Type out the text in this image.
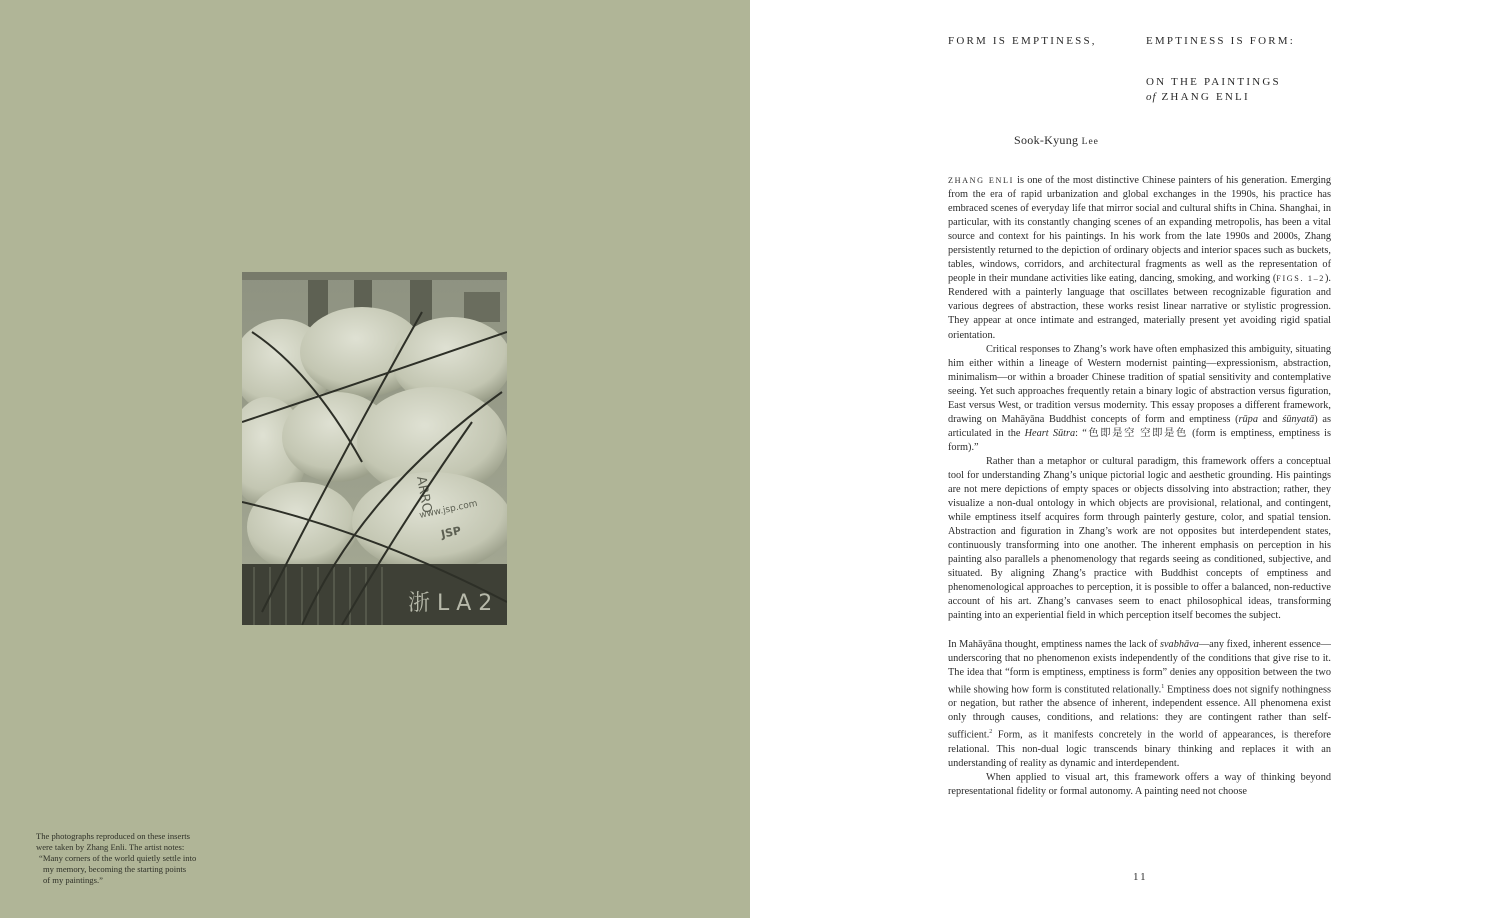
ARRO
www.jsp.com
JSP
浙 L A 2
The photographs reproduced on these inserts
were taken by Zhang Enli. The artist notes:
“Many corners of the world quietly settle into
my memory, becoming the starting points
of my paintings.”
FORM IS EMPTINESS,	EMPTINESS IS FORM:
ON THE PAINTINGS
of ZHANG ENLI
Sook-Kyung Lee

ZHANG ENLI is one of the most distinctive Chinese painters of his generation. Emerging from the era of rapid urbanization and global exchanges in the 1990s, his practice has embraced scenes of everyday life that mirror social and cultural shifts in China. Shanghai, in particular, with its constantly changing scenes of an expanding metropolis, has been a vital source and context for his paintings. In his work from the late 1990s and 2000s, Zhang persistently returned to the depiction of ordinary objects and interior spaces such as buckets, tables, windows, corridors, and architectural fragments as well as the representation of people in their mundane activities like eating, dancing, smoking, and working (FIGS. 1–2). Rendered with a painterly language that oscillates between recognizable figuration and various degrees of abstraction, these works resist linear narrative or stylistic progression. They appear at once intimate and estranged, materially present yet avoiding rigid spatial orientation.

Critical responses to Zhang’s work have often emphasized this ambiguity, situating him either within a lineage of Western modernist painting—expressionism, abstraction, minimalism—or within a broader Chinese tradition of spatial sensitivity and contemplative seeing. Yet such approaches frequently retain a binary logic of abstraction versus figuration, East versus West, or tradition versus modernity. This essay proposes a different framework, drawing on Mahāyāna Buddhist concepts of form and emptiness (rūpa and śūnyatā) as articulated in the Heart Sūtra: “色即是空 空即是色 (form is emptiness, emptiness is form).”

Rather than a metaphor or cultural paradigm, this framework offers a conceptual tool for understanding Zhang’s unique pictorial logic and aesthetic grounding. His paintings are not mere depictions of empty spaces or objects dissolving into abstraction; rather, they visualize a non-dual ontology in which objects are provisional, relational, and contingent, while emptiness itself acquires form through painterly gesture, color, and spatial tension. Abstraction and figuration in Zhang’s work are not opposites but interdependent states, continuously transforming into one another. The inherent emphasis on perception in his painting also parallels a phenomenology that regards seeing as conditioned, subjective, and situated. By aligning Zhang’s practice with Buddhist concepts of emptiness and phenomenological approaches to perception, it is possible to offer a balanced, non-reductive account of his art. Zhang’s canvases seem to enact philosophical ideas, transforming painting into an experiential field in which perception itself becomes the subject.

In Mahāyāna thought, emptiness names the lack of svabhāva—any fixed, inherent essence—underscoring that no phenomenon exists independently of the conditions that give rise to it. The idea that “form is emptiness, emptiness is form” denies any opposition between the two while showing how form is constituted relationally.$^1$ Emptiness does not signify nothingness or negation, but rather the absence of inherent, independent essence. All phenomena exist only through causes, conditions, and relations: they are contingent rather than self-sufficient.$^2$ Form, as it manifests concretely in the world of appearances, is therefore relational. This non-dual logic transcends binary thinking and replaces it with an understanding of reality as dynamic and interdependent.

When applied to visual art, this framework offers a way of thinking beyond representational fidelity or formal autonomy. A painting need not choose

11
